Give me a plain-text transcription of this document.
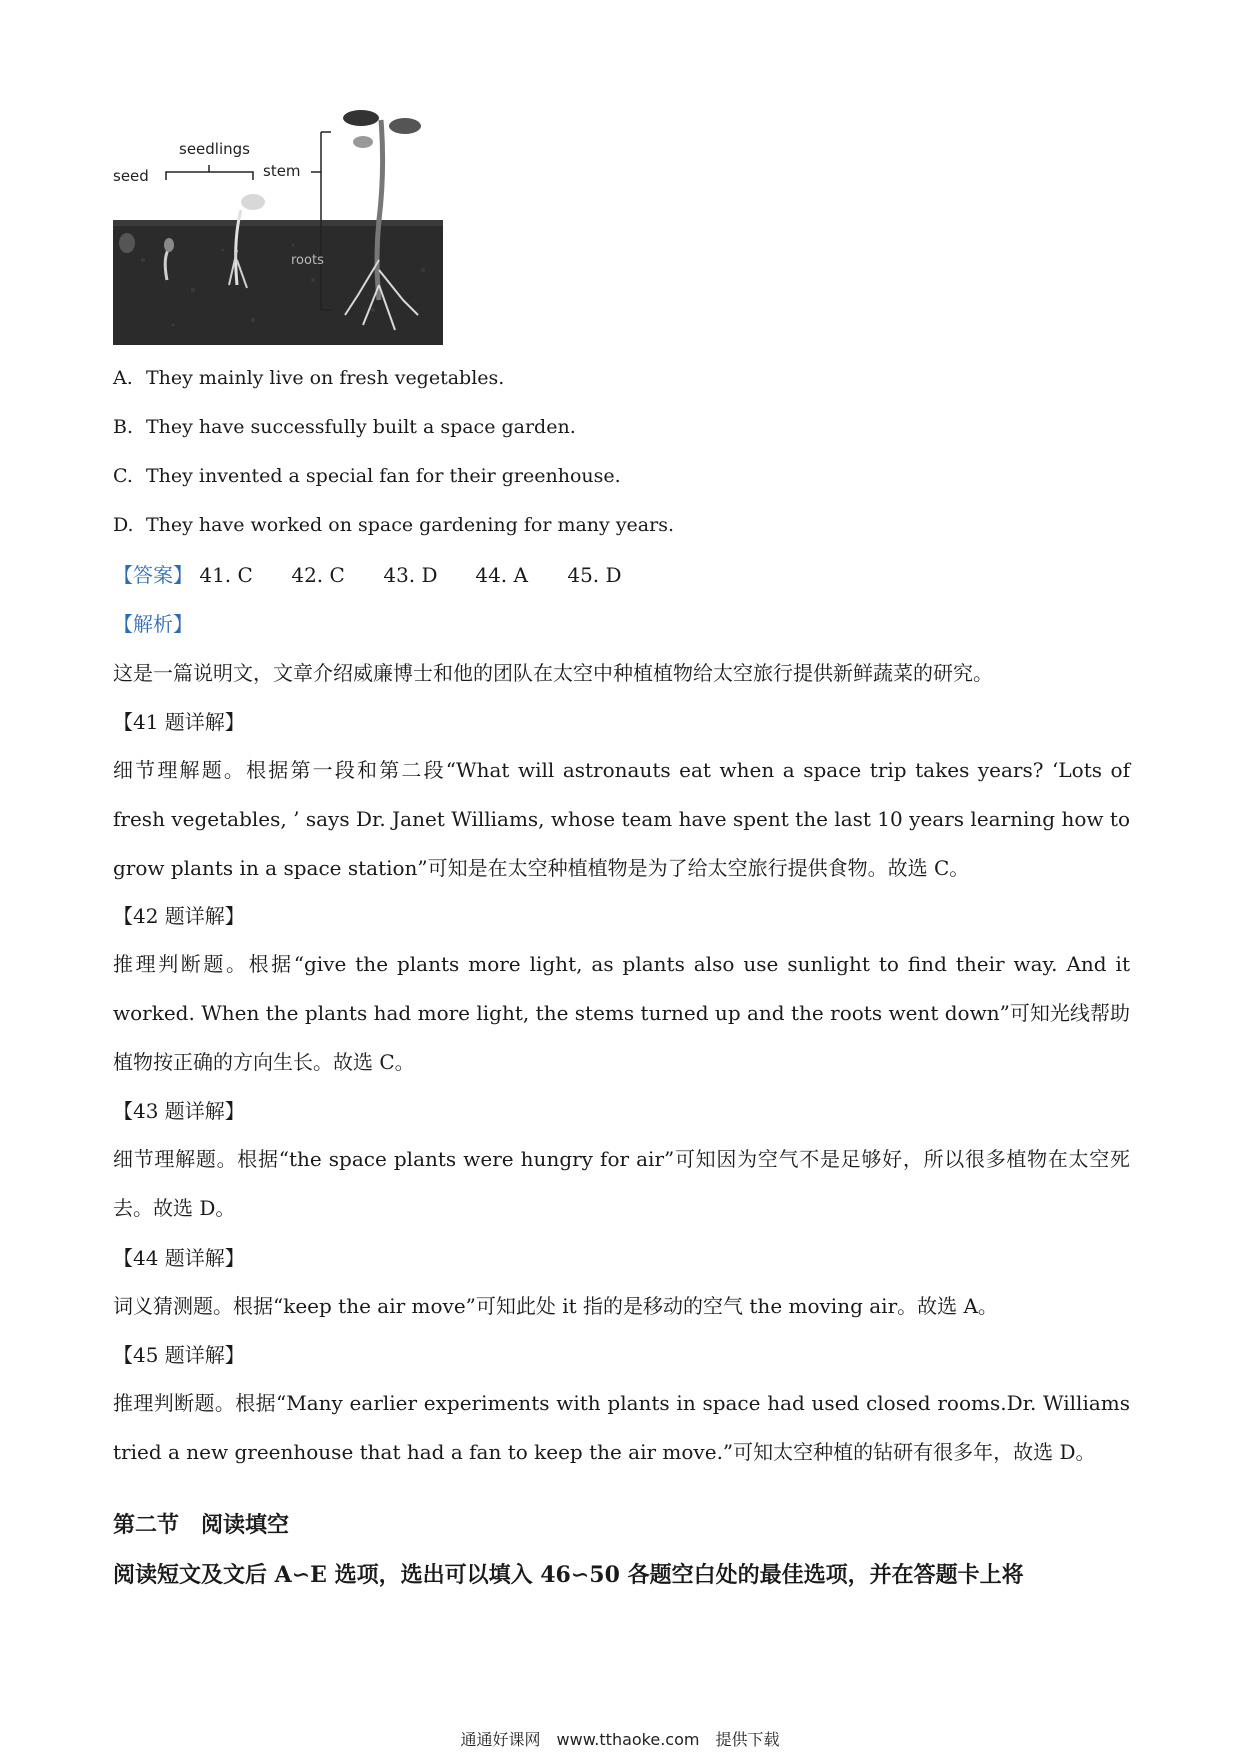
seed
seedlings
stem
roots
A. They mainly live on fresh vegetables.
B. They have successfully built a space garden.
C. They invented a special fan for their greenhouse.
D. They have worked on space gardening for many years.
【答案】 41. C 42. C 43. D 44. A 45. D
【解析】
这是一篇说明文，文章介绍威廉博士和他的团队在太空中种植植物给太空旅行提供新鲜蔬菜的研究。
【41 题详解】
细节理解题。根据第一段和第二段“What will astronauts eat when a space trip takes years? ‘Lots of fresh vegetables, ’ says Dr. Janet Williams, whose team have spent the last 10 years learning how to grow plants in a space station”可知是在太空种植植物是为了给太空旅行提供食物。故选 C。
【42 题详解】
推理判断题。根据“give the plants more light, as plants also use sunlight to find their way. And it worked. When the plants had more light, the stems turned up and the roots went down”可知光线帮助植物按正确的方向生长。故选 C。
【43 题详解】
细节理解题。根据“the space plants were hungry for air”可知因为空气不是足够好，所以很多植物在太空死去。故选 D。
【44 题详解】
词义猜测题。根据“keep the air move”可知此处 it 指的是移动的空气 the moving air。故选 A。
【45 题详解】
推理判断题。根据“Many earlier experiments with plants in space had used closed rooms.Dr. Williams tried a new greenhouse that had a fan to keep the air move.”可知太空种植的钻研有很多年，故选 D。
第二节　阅读填空
阅读短文及文后 A∽E 选项，选出可以填入 46∽50 各题空白处的最佳选项，并在答题卡上将
通通好课网　www.tthaoke.com　提供下载
